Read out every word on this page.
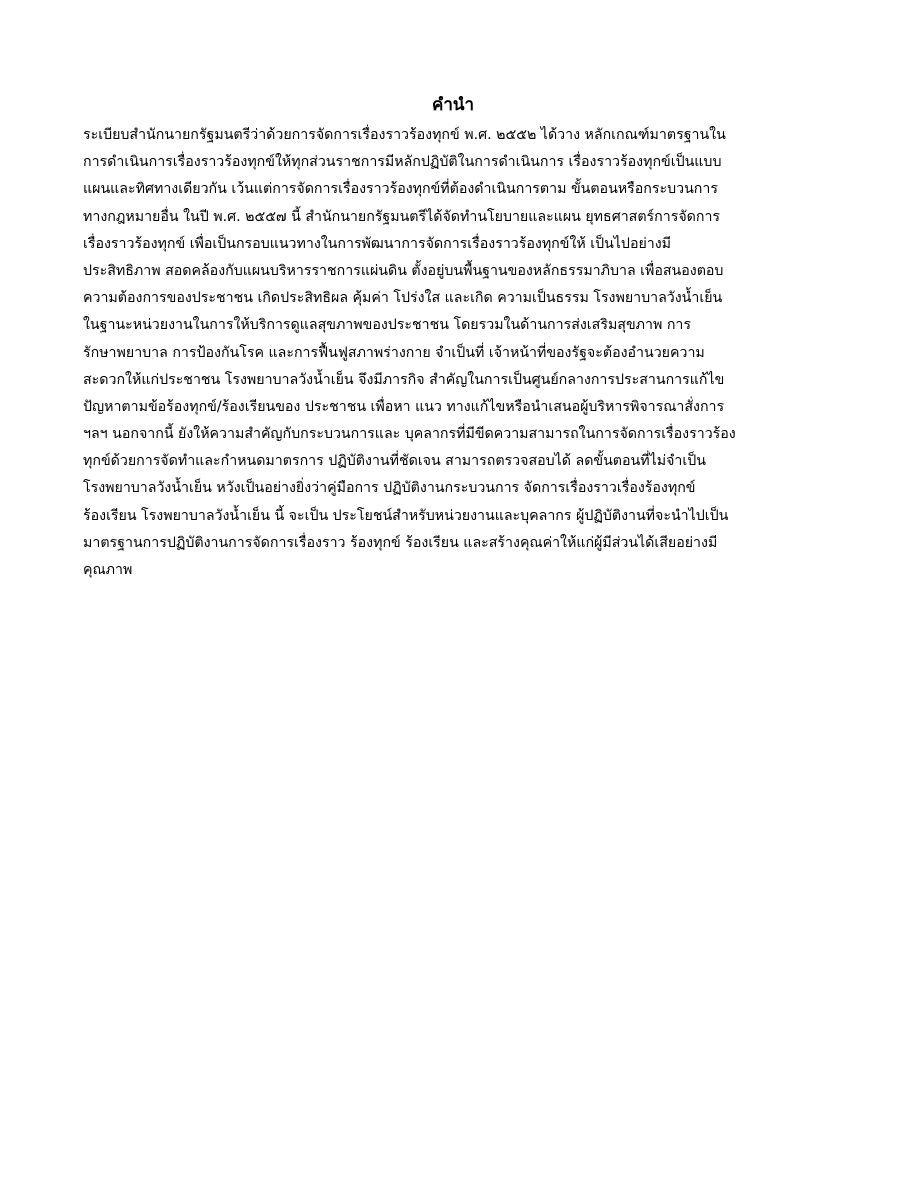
คำนำ
ระเบียบสำนักนายกรัฐมนตรีว่าด้วยการจัดการเรื่องราวร้องทุกข์ พ.ศ. ๒๕๕๒ ได้วาง หลักเกณฑ์มาตรฐานใน
การดำเนินการเรื่องราวร้องทุกข์ให้ทุกส่วนราชการมีหลักปฏิบัติในการดำเนินการ เรื่องราวร้องทุกข์เป็นแบบ
แผนและทิศทางเดียวกัน เว้นแต่การจัดการเรื่องราวร้องทุกข์ที่ต้องดำเนินการตาม ขั้นตอนหรือกระบวนการ
ทางกฎหมายอื่น ในปี พ.ศ. ๒๕๕๗ นี้ สำนักนายกรัฐมนตรีได้จัดทำนโยบายและแผน ยุทธศาสตร์การจัดการ
เรื่องราวร้องทุกข์ เพื่อเป็นกรอบแนวทางในการพัฒนาการจัดการเรื่องราวร้องทุกข์ให้ เป็นไปอย่างมี
ประสิทธิภาพ สอดคล้องกับแผนบริหารราชการแผ่นดิน ตั้งอยู่บนพื้นฐานของหลักธรรมาภิบาล เพื่อสนองตอบ
ความต้องการของประชาชน เกิดประสิทธิผล คุ้มค่า โปร่งใส และเกิด ความเป็นธรรม โรงพยาบาลวังน้ำเย็น
ในฐานะหน่วยงานในการให้บริการดูแลสุขภาพของประชาชน โดยรวมในด้านการส่งเสริมสุขภาพ การ
รักษาพยาบาล การป้องกันโรค และการฟื้นฟูสภาพร่างกาย จำเป็นที่ เจ้าหน้าที่ของรัฐจะต้องอำนวยความ
สะดวกให้แก่ประชาชน โรงพยาบาลวังน้ำเย็น จึงมีภารกิจ สำคัญในการเป็นศูนย์กลางการประสานการแก้ไข
ปัญหาตามข้อร้องทุกข์/ร้องเรียนของ ประชาชน เพื่อหา แนว ทางแก้ไขหรือนำเสนอผู้บริหารพิจารณาสั่งการ
ฯลฯ นอกจากนี้ ยังให้ความสำคัญกับกระบวนการและ บุคลากรที่มีขีดความสามารถในการจัดการเรื่องราวร้อง
ทุกข์ด้วยการจัดทำและกำหนดมาตรการ ปฏิบัติงานที่ชัดเจน สามารถตรวจสอบได้ ลดขั้นตอนที่ไม่จำเป็น
โรงพยาบาลวังน้ำเย็น หวังเป็นอย่างยิ่งว่าคู่มือการ ปฏิบัติงานกระบวนการ จัดการเรื่องราวเรื่องร้องทุกข์
ร้องเรียน โรงพยาบาลวังน้ำเย็น นี้ จะเป็น ประโยชน์สำหรับหน่วยงานและบุคลากร ผู้ปฏิบัติงานที่จะนำไปเป็น
มาตรฐานการปฏิบัติงานการจัดการเรื่องราว ร้องทุกข์ ร้องเรียน และสร้างคุณค่าให้แก่ผู้มีส่วนได้เสียอย่างมี
คุณภาพ
